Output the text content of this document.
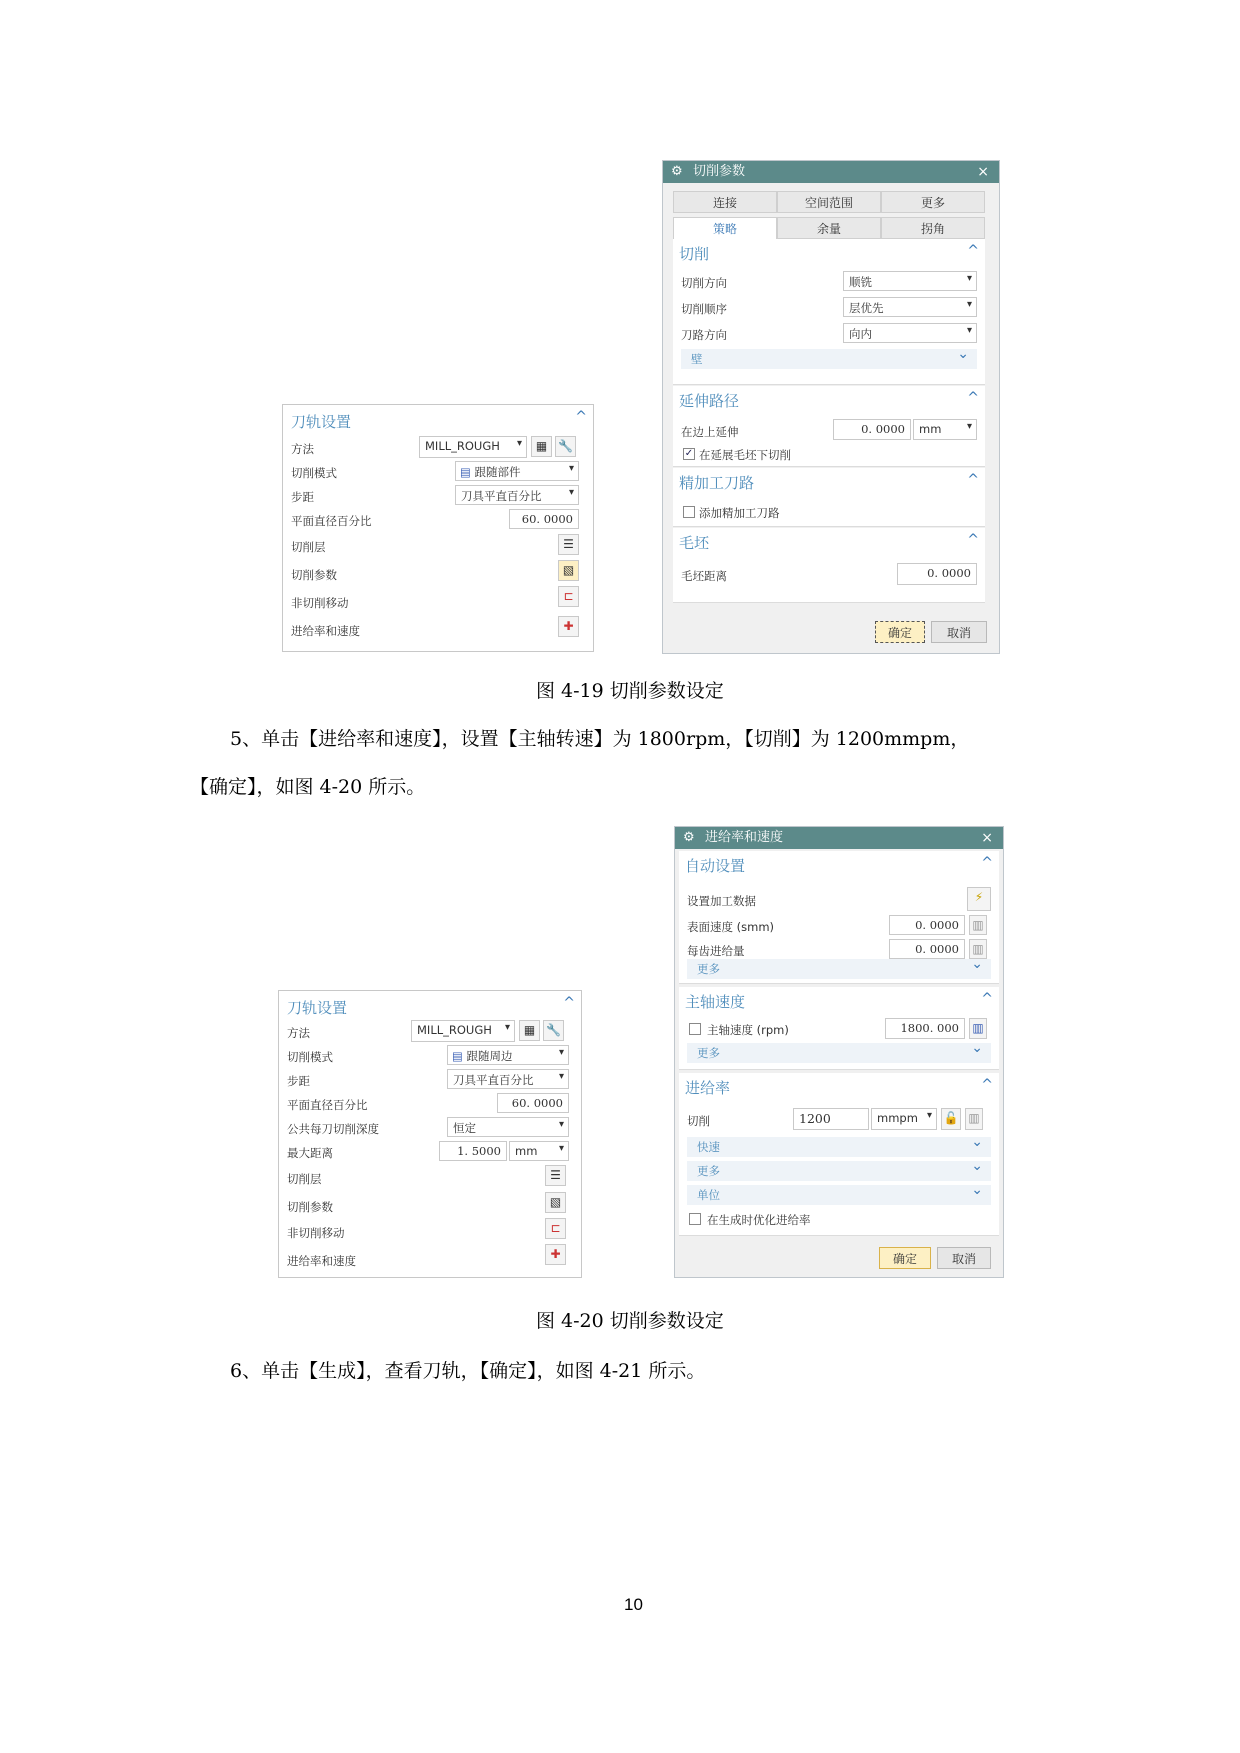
刀轨设置	^
方法	MILL_ROUGH ▾	▦ 🔧
切削模式	▤ 跟随部件 ▾
步距	刀具平直百分比 ▾
平面直径百分比	60. 0000
切削层	☰
切削参数	▧
非切削移动	⊏
进给率和速度	✚
⚙ 切削参数	×
连接	空间范围	更多
策略	余量	拐角
切削	^
切削方向	顺铣 ▾
切削顺序	层优先 ▾
刀路方向	向内 ▾
壁 ⌄
延伸路径	^
在边上延伸	0. 0000	mm ▾
✓ 在延展毛坯下切削
精加工刀路	^
添加精加工刀路
毛坯	^
毛坯距离	0. 0000
确定	取消
图 4-19 切削参数设定
5、单击【进给率和速度】，设置【主轴转速】为 1800rpm，【切削】为 1200mmpm，
【确定】，如图 4-20 所示。
刀轨设置	^
方法	MILL_ROUGH ▾	▦ 🔧
切削模式	▤ 跟随周边 ▾
步距	刀具平直百分比 ▾
平面直径百分比	60. 0000
公共每刀切削深度	恒定 ▾
最大距离	1. 5000	mm ▾
切削层	☰
切削参数	▧
非切削移动	⊏
进给率和速度	✚
⚙ 进给率和速度	×
自动设置	^
设置加工数据	⚡
表面速度 (smm)	0. 0000	▥
每齿进给量	0. 0000	▥
更多 ⌄
主轴速度	^
主轴速度 (rpm)	1800. 000	▥
更多 ⌄
进给率	^
切削	1200	mmpm ▾	🔓 ▥
快速 ⌄
更多 ⌄
单位 ⌄
在生成时优化进给率
确定	取消
图 4-20 切削参数设定
6、单击【生成】，查看刀轨，【确定】，如图 4-21 所示。
10
